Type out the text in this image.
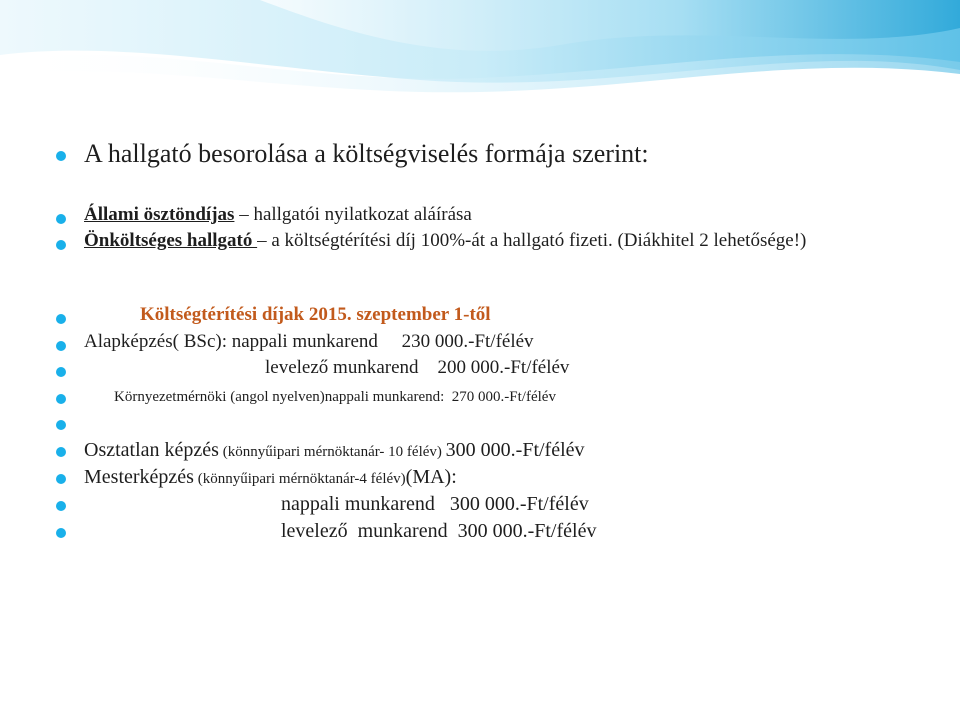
A hallgató besorolása a költségviselés formája szerint:
Állami ösztöndíjas – hallgatói nyilatkozat aláírása
Önköltséges hallgató – a költségtérítési díj 100%-át a hallgató fizeti. (Diákhitel 2 lehetősége!)
Költségtérítési díjak 2015. szeptember 1-től
Alapképzés( BSc): nappali munkarend     230 000.-Ft/félév
levelező munkarend    200 000.-Ft/félév
Környezetmérnöki (angol nyelven)nappali munkarend:  270 000.-Ft/félév
Osztatlan képzés (könnyűipari mérnöktanár- 10 félév) 300 000.-Ft/félév
Mesterképzés (könnyűipari mérnöktanár-4 félév)(MA):
nappali munkarend   300 000.-Ft/félév
levelező  munkarend  300 000.-Ft/félév
